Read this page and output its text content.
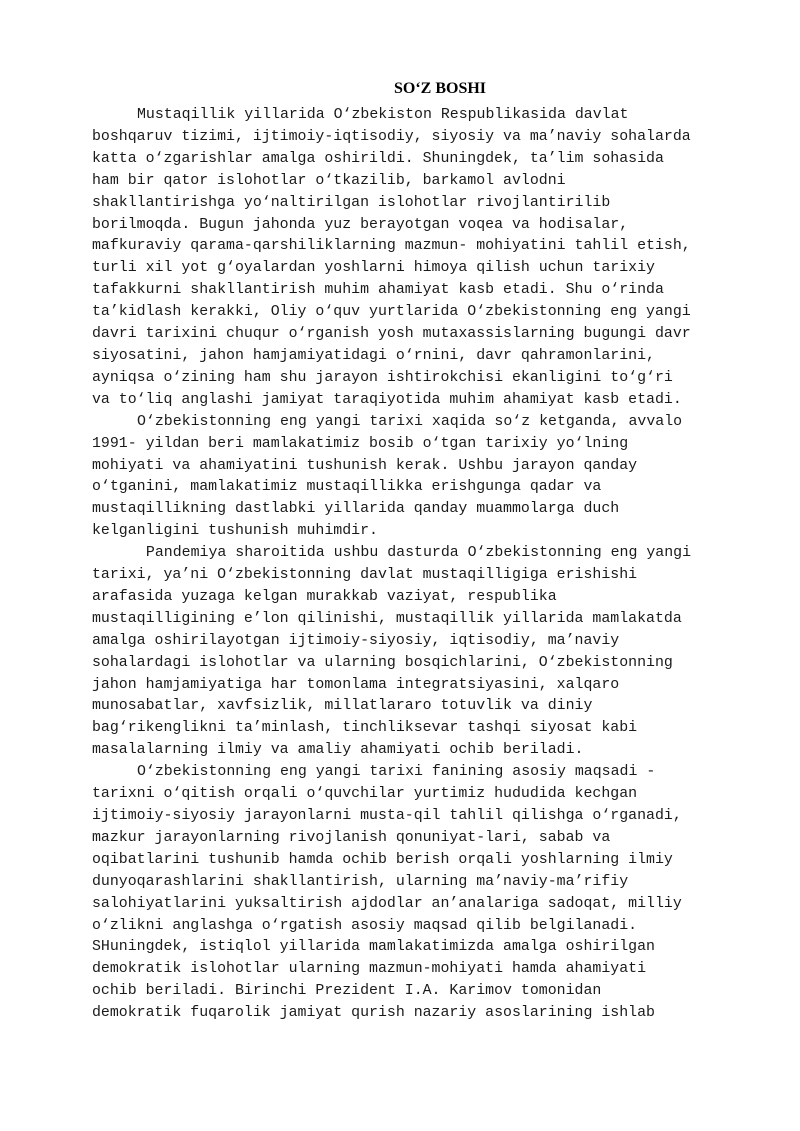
SO‘Z BOSHI
Mustaqillik yillarida O‘zbekiston Respublikasida davlat
boshqaruv tizimi, ijtimoiy-iqtisodiy, siyosiy va ma’naviy sohalarda
katta o‘zgarishlar amalga oshirildi. Shuningdek, ta’lim sohasida
ham bir qator islohotlar o‘tkazilib, barkamol avlodni
shakllantirishga yo‘naltirilgan islohotlar rivojlantirilib
borilmoqda. Bugun jahonda yuz berayotgan voqea va hodisalar,
mafkuraviy qarama-qarshiliklarning mazmun- mohiyatini tahlil etish,
turli xil yot g‘oyalardan yoshlarni himoya qilish uchun tarixiy
tafakkurni shakllantirish muhim ahamiyat kasb etadi. Shu o‘rinda
ta’kidlash kerakki, Oliy o‘quv yurtlarida O‘zbekistonning eng yangi
davri tarixini chuqur o‘rganish yosh mutaxassislarning bugungi davr
siyosatini, jahon hamjamiyatidagi o‘rnini, davr qahramonlarini,
ayniqsa o‘zining ham shu jarayon ishtirokchisi ekanligini to‘g‘ri
va to‘liq anglashi jamiyat taraqiyotida muhim ahamiyat kasb etadi.
O‘zbekistonning eng yangi tarixi xaqida so‘z ketganda, avvalo
1991- yildan beri mamlakatimiz bosib o‘tgan tarixiy yo‘lning
mohiyati va ahamiyatini tushunish kerak. Ushbu jarayon qanday
o‘tganini, mamlakatimiz mustaqillikka erishgunga qadar va
mustaqillikning dastlabki yillarida qanday muammolarga duch
kelganligini tushunish muhimdir.
Pandemiya sharoitida ushbu dasturda O‘zbekistonning eng yangi
tarixi, ya’ni O‘zbekistonning davlat mustaqilligiga erishishi
arafasida yuzaga kelgan murakkab vaziyat, respublika
mustaqilligining e’lon qilinishi, mustaqillik yillarida mamlakatda
amalga oshirilayotgan ijtimoiy-siyosiy, iqtisodiy, ma’naviy
sohalardagi islohotlar va ularning bosqichlarini, O‘zbekistonning
jahon hamjamiyatiga har tomonlama integratsiyasini, xalqaro
munosabatlar, xavfsizlik, millatlararo totuvlik va diniy
bag‘rikenglikni ta’minlash, tinchliksevar tashqi siyosat kabi
masalalarning ilmiy va amaliy ahamiyati ochib beriladi.
O‘zbekistonning eng yangi tarixi fanining asosiy maqsadi -
tarixni o‘qitish orqali o‘quvchilar yurtimiz hududida kechgan
ijtimoiy-siyosiy jarayonlarni musta-qil tahlil qilishga o‘rganadi,
mazkur jarayonlarning rivojlanish qonuniyat-lari, sabab va
oqibatlarini tushunib hamda ochib berish orqali yoshlarning ilmiy
dunyoqarashlarini shakllantirish, ularning ma’naviy-ma’rifiy
salohiyatlarini yuksaltirish ajdodlar an’analariga sadoqat, milliy
o‘zlikni anglashga o‘rgatish asosiy maqsad qilib belgilanadi.
SHuningdek, istiqlol yillarida mamlakatimizda amalga oshirilgan
demokratik islohotlar ularning mazmun-mohiyati hamda ahamiyati
ochib beriladi. Birinchi Prezident I.A. Karimov tomonidan
demokratik fuqarolik jamiyat qurish nazariy asoslarining ishlab
